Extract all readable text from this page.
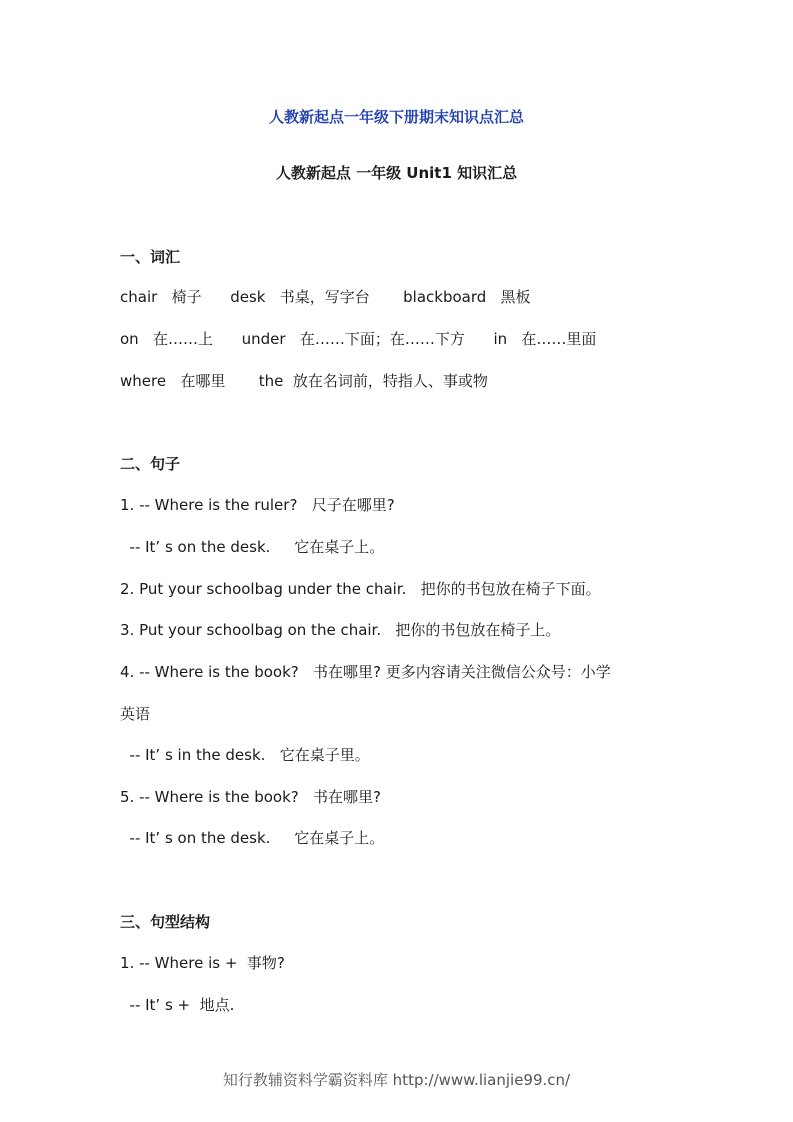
人教新起点一年级下册期末知识点汇总
人教新起点 一年级 Unit1 知识汇总
一、词汇
chair   椅子      desk   书桌，写字台       blackboard   黑板
on   在……上      under   在……下面；在……下方      in   在……里面
where   在哪里       the  放在名词前，特指人、事或物
二、句子
1. -- Where is the ruler?   尺子在哪里?
-- It’ s on the desk.     它在桌子上。
2. Put your schoolbag under the chair.   把你的书包放在椅子下面。
3. Put your schoolbag on the chair.   把你的书包放在椅子上。
4. -- Where is the book?   书在哪里? 更多内容请关注微信公众号：小学
英语
-- It’ s in the desk.   它在桌子里。
5. -- Where is the book?   书在哪里?
-- It’ s on the desk.     它在桌子上。
三、句型结构
1. -- Where is +  事物?
-- It’ s +  地点.
知行教辅资料学霸资料库 http://www.lianjie99.cn/
